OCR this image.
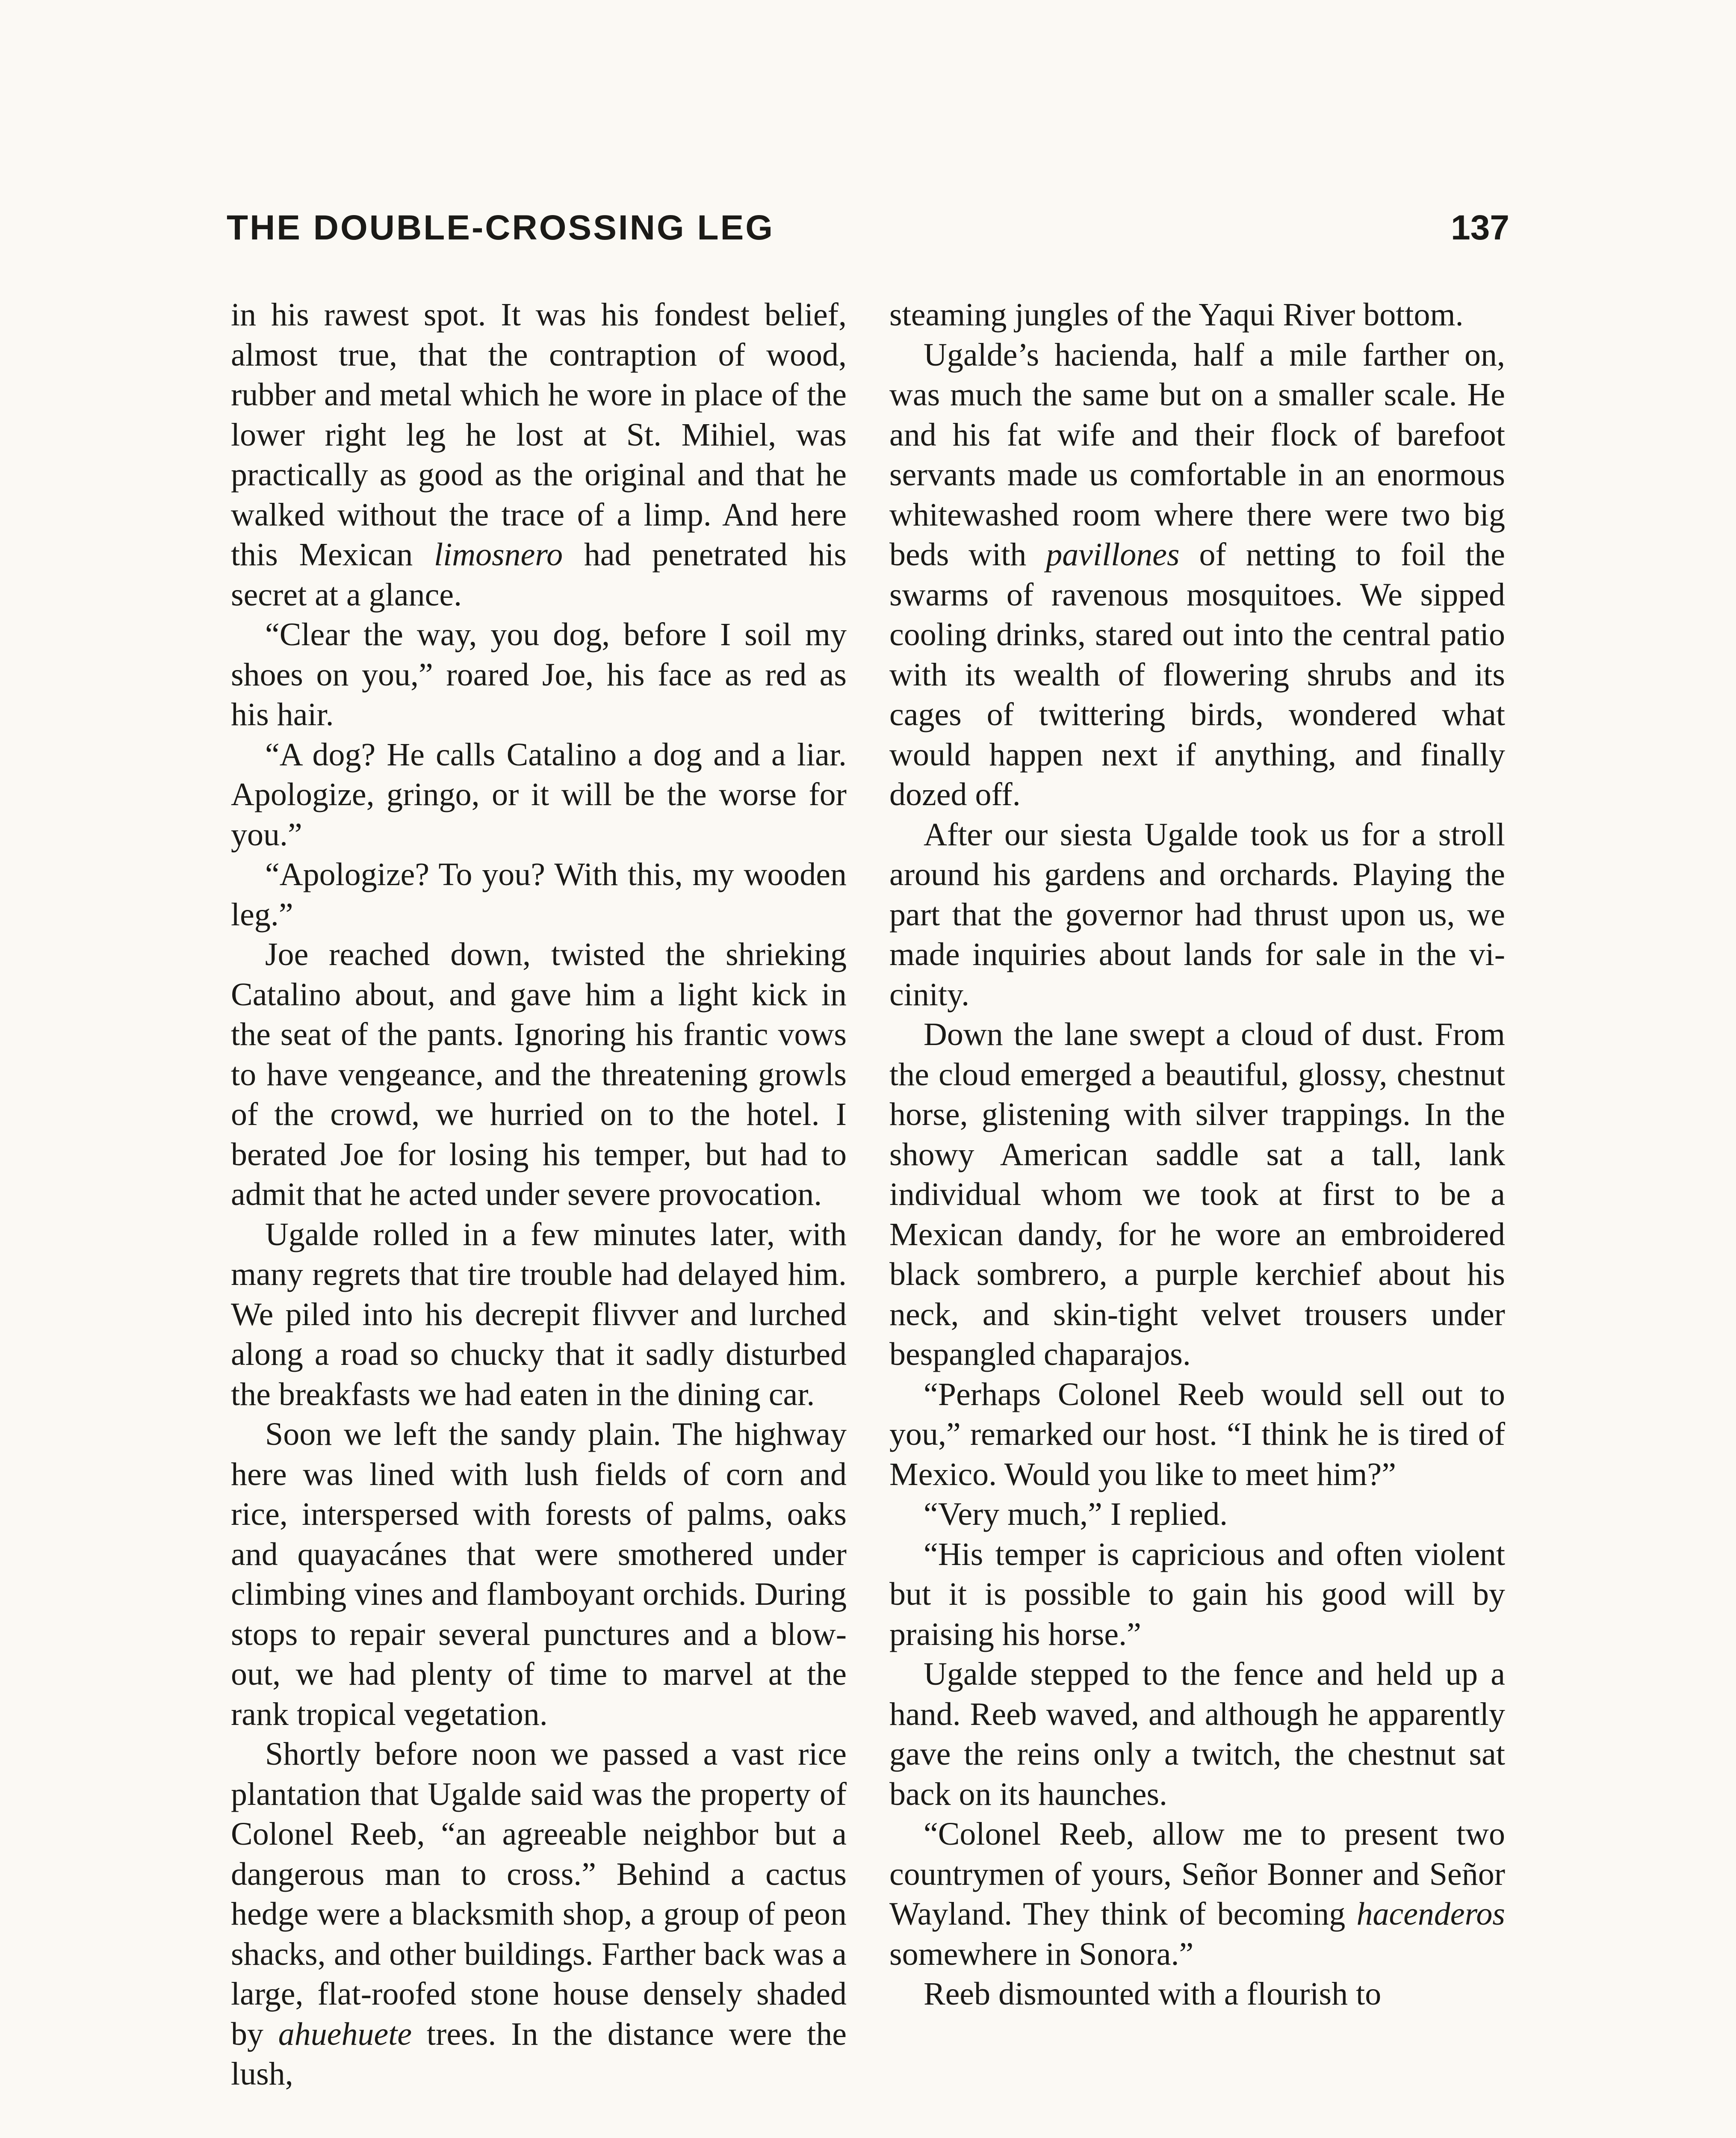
THE DOUBLE-CROSSING LEG	137

in his rawest spot. It was his fondest belief, almost true, that the contraption of wood, rubber and metal which he wore in place of the lower right leg he lost at St. Mihiel, was practically as good as the original and that he walked without the trace of a limp. And here this Mexican limosnero had penetrated his secret at a glance.

“Clear the way, you dog, before I soil my shoes on you,” roared Joe, his face as red as his hair.

“A dog? He calls Catalino a dog and a liar. Apologize, gringo, or it will be the worse for you.”

“Apologize? To you? With this, my wooden leg.”

Joe reached down, twisted the shrieking Catalino about, and gave him a light kick in the seat of the pants. Ignoring his frantic vows to have vengeance, and the threatening growls of the crowd, we hurried on to the hotel. I berated Joe for losing his temper, but had to admit that he acted under severe provocation.

Ugalde rolled in a few minutes later, with many regrets that tire trouble had delayed him. We piled into his decrepit flivver and lurched along a road so chucky that it sadly disturbed the breakfasts we had eaten in the dining car.

Soon we left the sandy plain. The highway here was lined with lush fields of corn and rice, interspersed with forests of palms, oaks and quayacánes that were smothered under climbing vines and flamboyant orchids. During stops to repair several punctures and a blowout, we had plenty of time to marvel at the rank tropical vegetation.

Shortly before noon we passed a vast rice plantation that Ugalde said was the property of Colonel Reeb, “an agreeable neighbor but a dangerous man to cross.” Behind a cactus hedge were a blacksmith shop, a group of peon shacks, and other buildings. Farther back was a large, flat-roofed stone house densely shaded by ahuehuete trees. In the distance were the lush,

steaming jungles of the Yaqui River bottom.

Ugalde’s hacienda, half a mile farther on, was much the same but on a smaller scale. He and his fat wife and their flock of barefoot servants made us comfortable in an enormous whitewashed room where there were two big beds with pavillones of netting to foil the swarms of ravenous mosquitoes. We sipped cooling drinks, stared out into the central patio with its wealth of flowering shrubs and its cages of twittering birds, wondered what would happen next if anything, and finally dozed off.

After our siesta Ugalde took us for a stroll around his gardens and orchards. Playing the part that the governor had thrust upon us, we made inquiries about lands for sale in the vicinity.

Down the lane swept a cloud of dust. From the cloud emerged a beautiful, glossy, chestnut horse, glistening with silver trappings. In the showy American saddle sat a tall, lank individual whom we took at first to be a Mexican dandy, for he wore an embroidered black sombrero, a purple kerchief about his neck, and skin-tight velvet trousers under bespangled chaparajos.

“Perhaps Colonel Reeb would sell out to you,” remarked our host. “I think he is tired of Mexico. Would you like to meet him?”

“Very much,” I replied.

“His temper is capricious and often violent but it is possible to gain his good will by praising his horse.”

Ugalde stepped to the fence and held up a hand. Reeb waved, and although he apparently gave the reins only a twitch, the chestnut sat back on its haunches.

“Colonel Reeb, allow me to present two countrymen of yours, Señor Bonner and Señor Wayland. They think of becoming hacenderos somewhere in Sonora.”

Reeb dismounted with a flourish to
